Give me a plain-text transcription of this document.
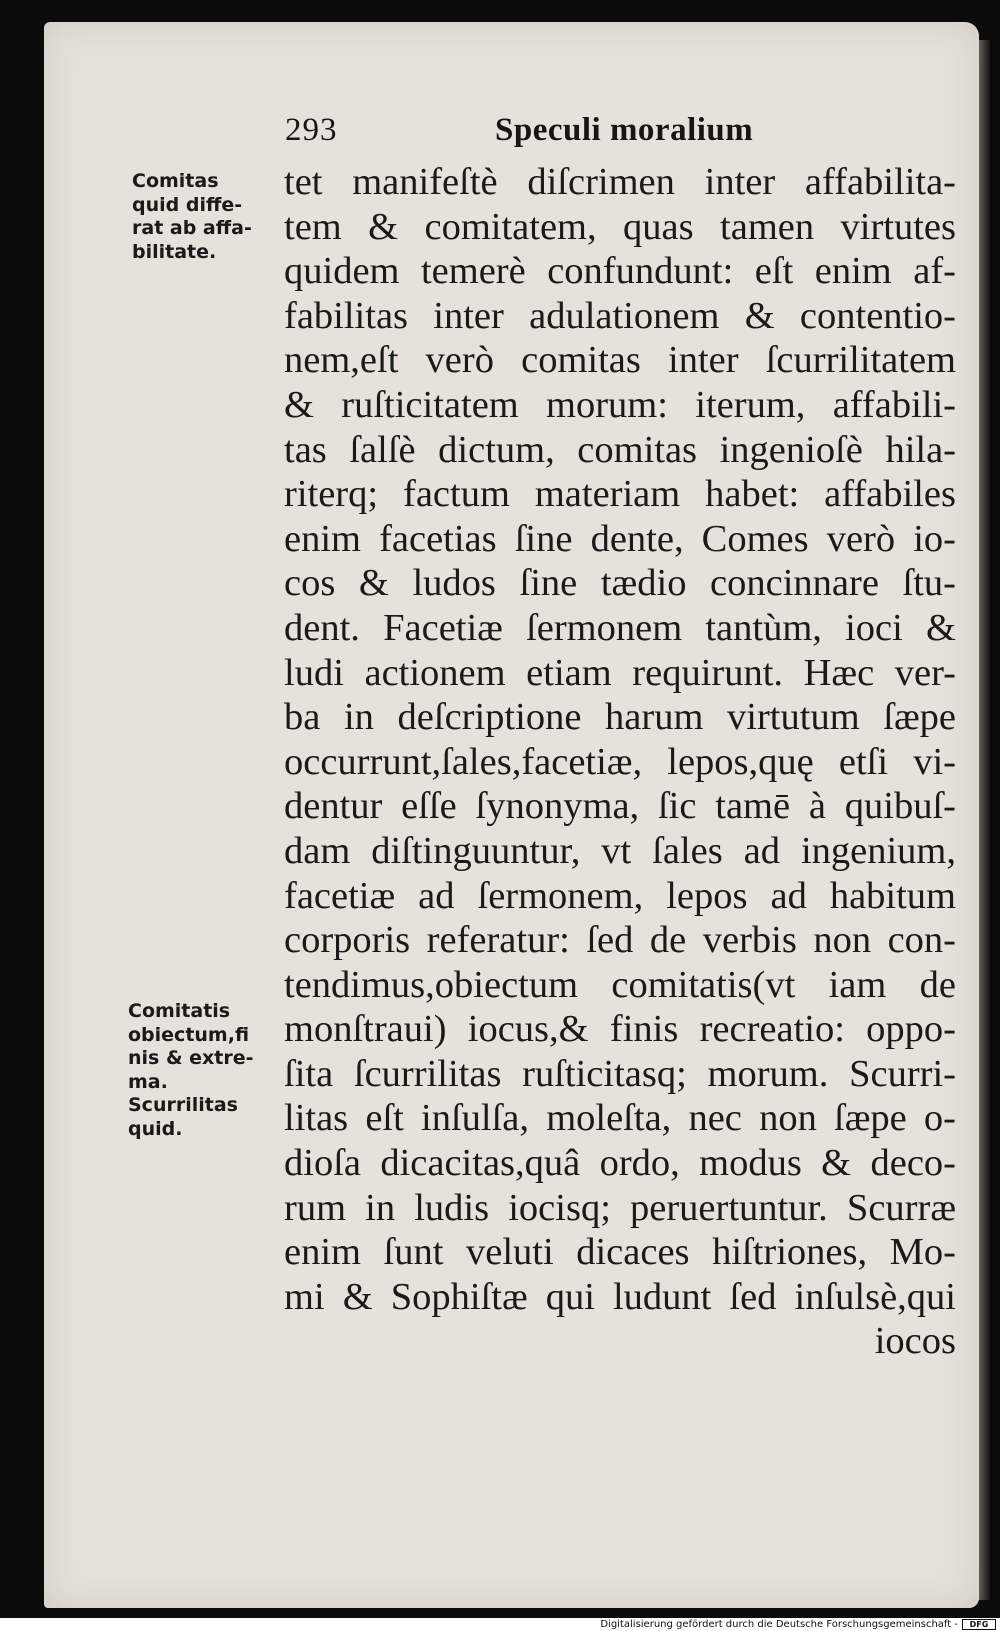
293	Speculi moralium
Comitas
quid diffe-
rat ab affa-
bilitate.
Comitatis
obiectum,fi
nis & extre-
ma.
Scurrilitas
quid.
tet manifeſtè diſcrimen inter affabilita-
tem & comitatem, quas tamen virtutes
quidem temerè confundunt: eſt enim af-
fabilitas inter adulationem & contentio-
nem,eſt verò comitas inter ſcurrilitatem
& ruſticitatem morum: iterum, affabili-
tas ſalſè dictum, comitas ingenioſè hila-
riterq; factum materiam habet: affabiles
enim facetias ſine dente, Comes verò io-
cos & ludos ſine tædio concinnare ſtu-
dent. Facetiæ ſermonem tantùm, ioci &
ludi actionem etiam requirunt. Hæc ver-
ba in deſcriptione harum virtutum ſæpe
occurrunt,ſales,facetiæ, lepos,quę etſi vi-
dentur eſſe ſynonyma, ſic tamē à quibuſ-
dam diſtinguuntur, vt ſales ad ingenium,
facetiæ ad ſermonem, lepos ad habitum
corporis referatur: ſed de verbis non con-
tendimus,obiectum comitatis(vt iam de
monſtraui) iocus,& finis recreatio: oppo-
ſita ſcurrilitas ruſticitasq; morum. Scurri-
litas eſt inſulſa, moleſta, nec non ſæpe o-
dioſa dicacitas,quâ ordo, modus & deco-
rum in ludis iocisq; peruertuntur. Scurræ
enim ſunt veluti dicaces hiſtriones, Mo-
mi & Sophiſtæ qui ludunt ſed inſulsè,qui
iocos
Digitalisierung gefördert durch die Deutsche Forschungsgemeinschaft -	DFG
